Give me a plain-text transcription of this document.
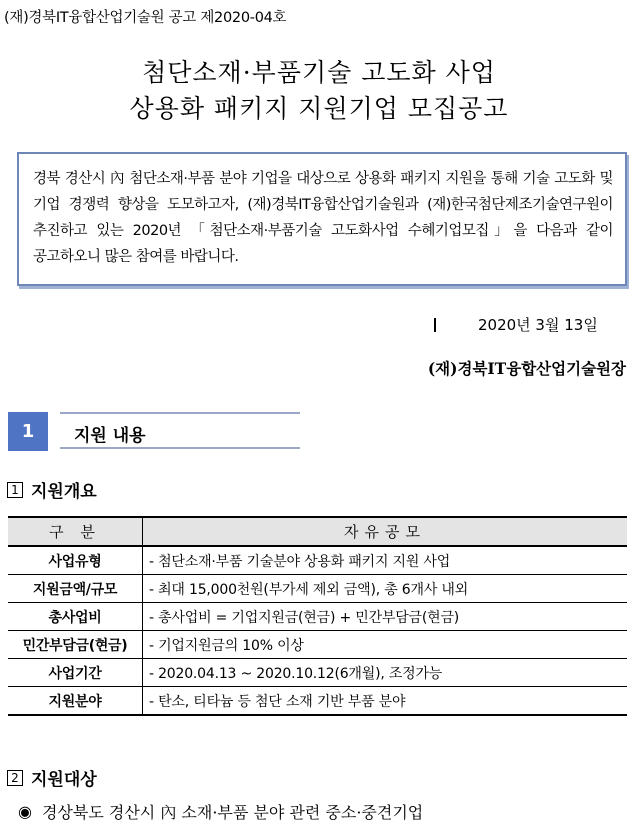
(재)경북IT융합산업기술원 공고 제2020-04호
첨단소재·부품기술 고도화 사업
상용화 패키지 지원기업 모집공고

경북 경산시 內 첨단소재·부품 분야 기업을 대상으로 상용화 패키지 지원을 통해 기술 고도화 및 기업 경쟁력 향상을 도모하고자, (재)경북IT융합산업기술원과 (재)한국첨단제조기술연구원이 추진하고 있는 2020년 「첨단소재·부품기술 고도화사업 수혜기업모집」을 다음과 같이 공고하오니 많은 참여를 바랍니다.

2020년 3월 13일
(재)경북IT융합산업기술원장
1	지원 내용
1 지원개요
구 분	자유공모
사업유형	- 첨단소재·부품 기술분야 상용화 패키지 지원 사업
지원금액/규모	- 최대 15,000천원(부가세 제외 금액), 총 6개사 내외
총사업비	- 총사업비 = 기업지원금(현금) + 민간부담금(현금)
민간부담금(현금)	- 기업지원금의 10% 이상
사업기간	- 2020.04.13 ~ 2020.10.12(6개월), 조정가능
지원분야	- 탄소, 티타늄 등 첨단 소재 기반 부품 분야
2 지원대상
◉ 경상북도 경산시 內 소재·부품 분야 관련 중소·중견기업
